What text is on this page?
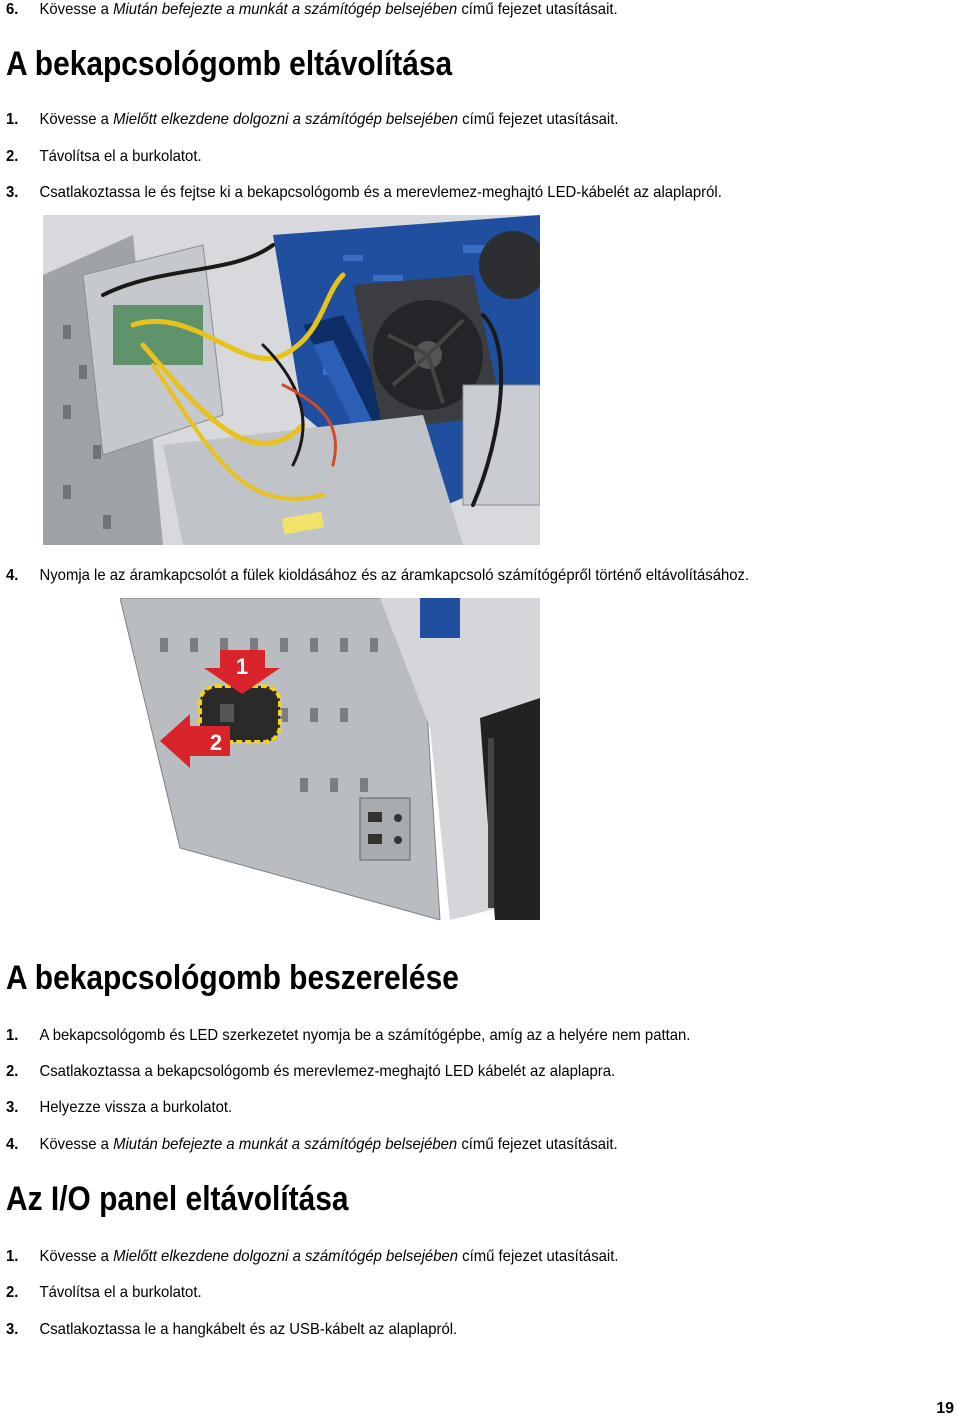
6. Kövesse a Miután befejezte a munkát a számítógép belsejében című fejezet utasításait.
A bekapcsológomb eltávolítása
1. Kövesse a Mielőtt elkezdene dolgozni a számítógép belsejében című fejezet utasításait.
2. Távolítsa el a burkolatot.
3. Csatlakoztassa le és fejtse ki a bekapcsológomb és a merevlemez-meghajtó LED-kábelét az alaplapról.
4. Nyomja le az áramkapcsolót a fülek kioldásához és az áramkapcsoló számítógépről történő eltávolításához.
1
2
A bekapcsológomb beszerelése
1. A bekapcsológomb és LED szerkezetet nyomja be a számítógépbe, amíg az a helyére nem pattan.
2. Csatlakoztassa a bekapcsológomb és merevlemez-meghajtó LED kábelét az alaplapra.
3. Helyezze vissza a burkolatot.
4. Kövesse a Miután befejezte a munkát a számítógép belsejében című fejezet utasításait.
Az I/O panel eltávolítása
1. Kövesse a Mielőtt elkezdene dolgozni a számítógép belsejében című fejezet utasításait.
2. Távolítsa el a burkolatot.
3. Csatlakoztassa le a hangkábelt és az USB-kábelt az alaplapról.
19
